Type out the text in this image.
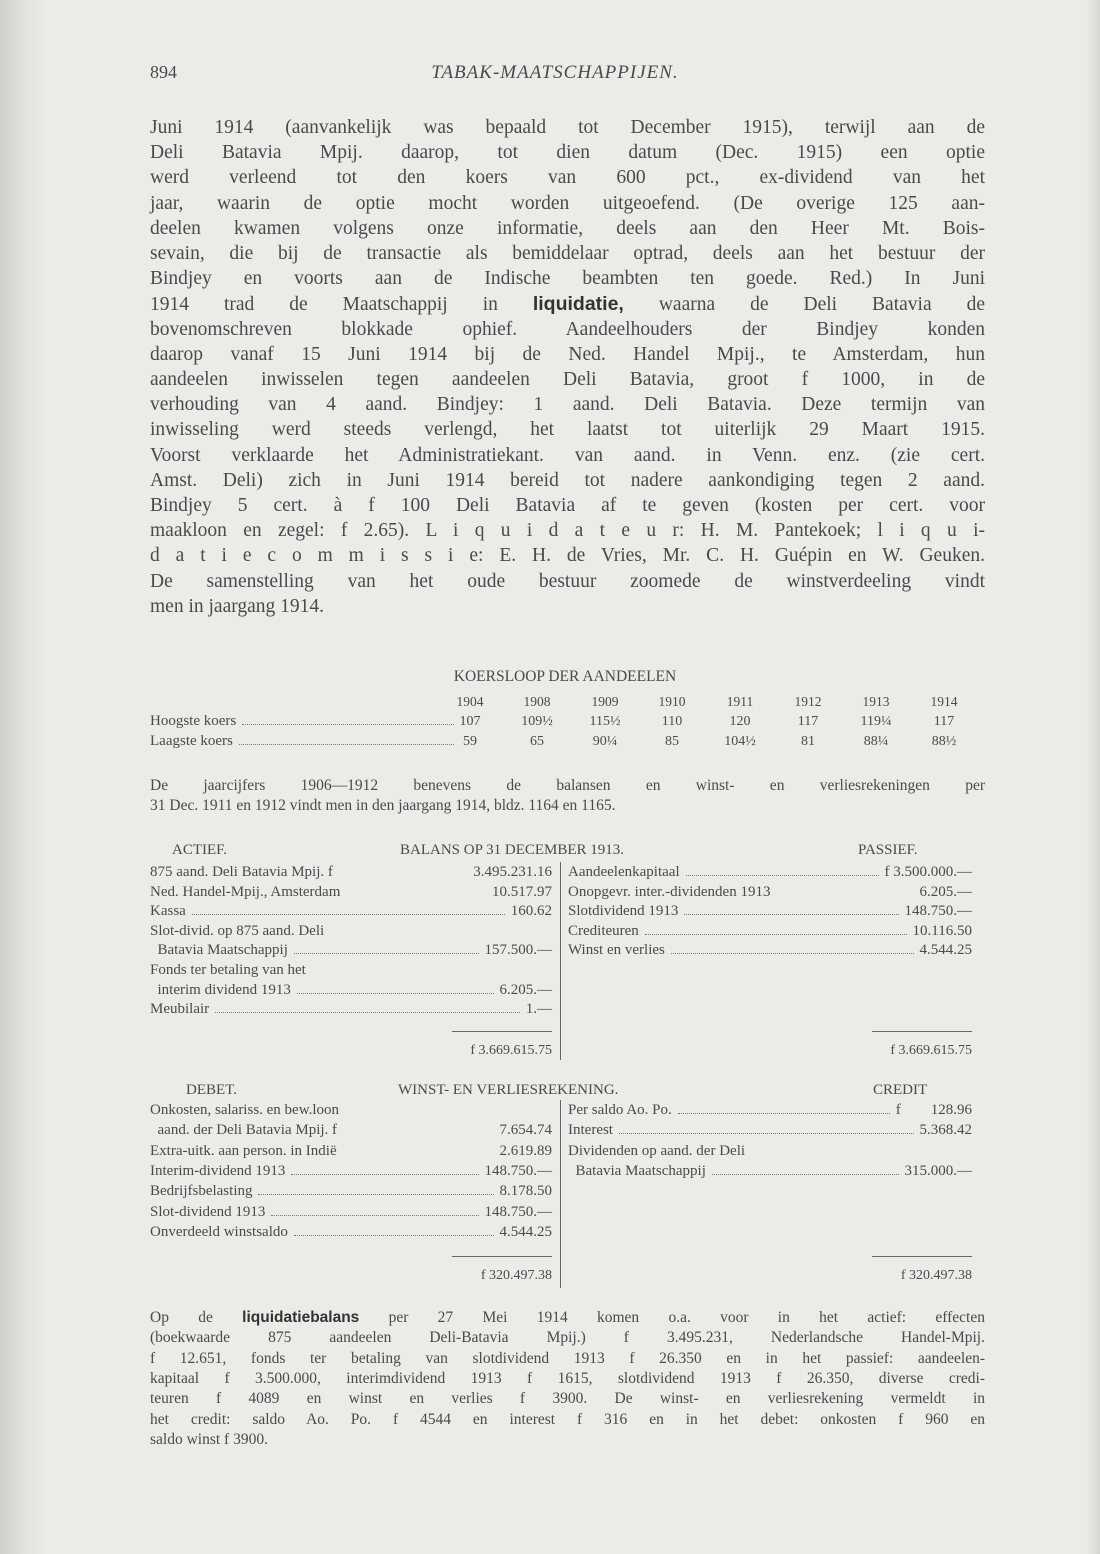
894	TABAK-MAATSCHAPPIJEN.
Juni 1914 (aanvankelijk was bepaald tot December 1915), terwijl aan de
Deli Batavia Mpij. daarop, tot dien datum (Dec. 1915) een optie
werd verleend tot den koers van 600 pct., ex-dividend van het
jaar, waarin de optie mocht worden uitgeoefend. (De overige 125 aan-
deelen kwamen volgens onze informatie, deels aan den Heer Mt. Bois-
sevain, die bij de transactie als bemiddelaar optrad, deels aan het bestuur der
Bindjey en voorts aan de Indische beambten ten goede. Red.) In Juni
1914 trad de Maatschappij in liquidatie, waarna de Deli Batavia de
bovenomschreven blokkade ophief. Aandeelhouders der Bindjey konden
daarop vanaf 15 Juni 1914 bij de Ned. Handel Mpij., te Amsterdam, hun
aandeelen inwisselen tegen aandeelen Deli Batavia, groot f 1000, in de
verhouding van 4 aand. Bindjey: 1 aand. Deli Batavia. Deze termijn van
inwisseling werd steeds verlengd, het laatst tot uiterlijk 29 Maart 1915.
Voorst verklaarde het Administratiekant. van aand. in Venn. enz. (zie cert.
Amst. Deli) zich in Juni 1914 bereid tot nadere aankondiging tegen 2 aand.
Bindjey 5 cert. à f 100 Deli Batavia af te geven (kosten per cert. voor
maakloon en zegel: f 2.65). L i q u i d a t e u r: H. M. Pantekoek; l i q u i-
d a t i e c o m m i s s i e: E. H. de Vries, Mr. C. H. Guépin en W. Geuken.
De samenstelling van het oude bestuur zoomede de winstverdeeling vindt
men in jaargang 1914.
KOERSLOOP DER AANDEELEN
1904	1908	1909	1910	1911	1912	1913	1914
Hoogste koers	107	109½	115½	110	120	117	119¼	117
Laagste koers	59	65	90¼	85	104½	81	88¼	88½
De jaarcijfers 1906—1912 benevens de balansen en winst- en verliesrekeningen per
31 Dec. 1911 en 1912 vindt men in den jaargang 1914, bldz. 1164 en 1165.
ACTIEF.	BALANS OP 31 DECEMBER 1913.	PASSIEF.
875 aand. Deli Batavia Mpij. f	3.495.231.16
Ned. Handel-Mpij., Amsterdam	10.517.97
Kassa	160.62
Slot-divid. op 875 aand. Deli
Batavia Maatschappij	157.500.—
Fonds ter betaling van het
interim dividend 1913	6.205.—
Meubilair	1.—
f 3.669.615.75
Aandeelenkapitaal	f 3.500.000.—
Onopgevr. inter.-dividenden 1913	6.205.—
Slotdividend 1913	148.750.—
Crediteuren	10.116.50
Winst en verlies	4.544.25
f 3.669.615.75
DEBET.	WINST- EN VERLIESREKENING.	CREDIT
Onkosten, salariss. en bew.loon
aand. der Deli Batavia Mpij. f	7.654.74
Extra-uitk. aan person. in Indië	2.619.89
Interim-dividend 1913	148.750.—
Bedrijfsbelasting	8.178.50
Slot-dividend 1913	148.750.—
Onverdeeld winstsaldo	4.544.25
f 320.497.38
Per saldo Ao. Po.	f        128.96
Interest	5.368.42
Dividenden op aand. der Deli
Batavia Maatschappij	315.000.—
f 320.497.38
Op de liquidatiebalans per 27 Mei 1914 komen o.a. voor in het actief: effecten
(boekwaarde 875 aandeelen Deli-Batavia Mpij.) f 3.495.231, Nederlandsche Handel-Mpij.
f 12.651, fonds ter betaling van slotdividend 1913 f 26.350 en in het passief: aandeelen-
kapitaal f 3.500.000, interimdividend 1913 f 1615, slotdividend 1913 f 26.350, diverse credi-
teuren f 4089 en winst en verlies f 3900. De winst- en verliesrekening vermeldt in
het credit: saldo Ao. Po. f 4544 en interest f 316 en in het debet: onkosten f 960 en
saldo winst f 3900.
